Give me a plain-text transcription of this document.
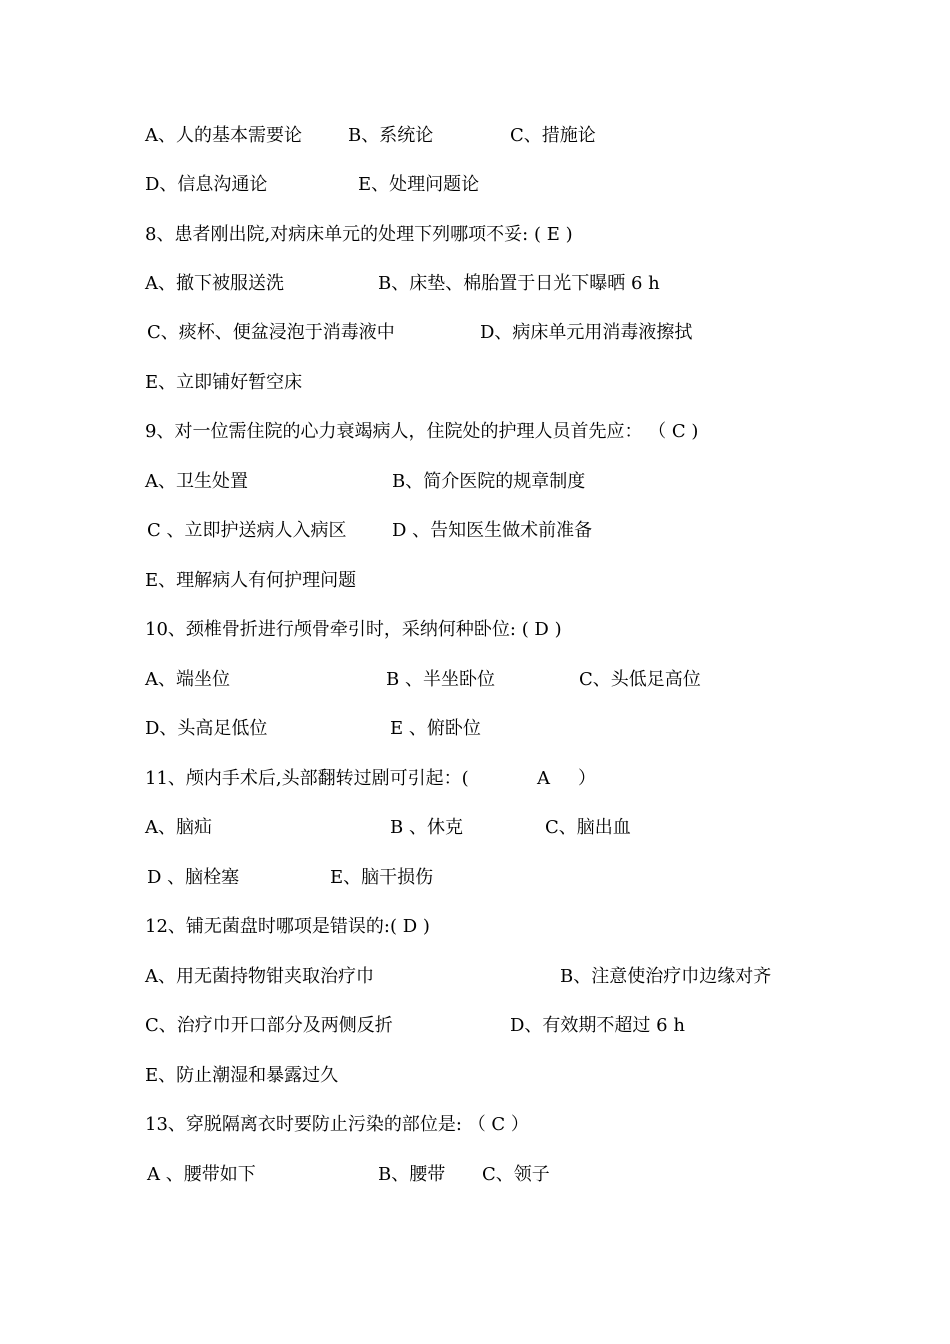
A、人的基本需要论	B、系统论	C、措施论
D、信息沟通论	E、处理问题论
8、患者刚出院,对病床单元的处理下列哪项不妥: ( E )
A、撤下被服送洗	B、床垫、棉胎置于日光下曝晒 6 h
C、痰杯、便盆浸泡于消毒液中	D、病床单元用消毒液擦拭
E、立即铺好暂空床
9、对一位需住院的心力衰竭病人，住院处的护理人员首先应： （ C )
A、卫生处置	B、简介医院的规章制度
C 、立即护送病人入病区	D 、告知医生做术前准备
E、理解病人有何护理问题
10、颈椎骨折进行颅骨牵引时，采纳何种卧位: ( D )
A、端坐位	B 、半坐卧位	C、头低足高位
D、头高足低位	E 、俯卧位
11、颅内手术后,头部翻转过剧可引起：(	A ）
A、脑疝	B 、休克	C、脑出血
D 、脑栓塞	E、脑干损伤
12、铺无菌盘时哪项是错误的:( D )
A、用无菌持物钳夹取治疗巾	B、注意使治疗巾边缘对齐
C、治疗巾开口部分及两侧反折	D、有效期不超过 6 h
E、防止潮湿和暴露过久
13、穿脱隔离衣时要防止污染的部位是: （ C ）
A 、腰带如下	B、腰带 C、领子
